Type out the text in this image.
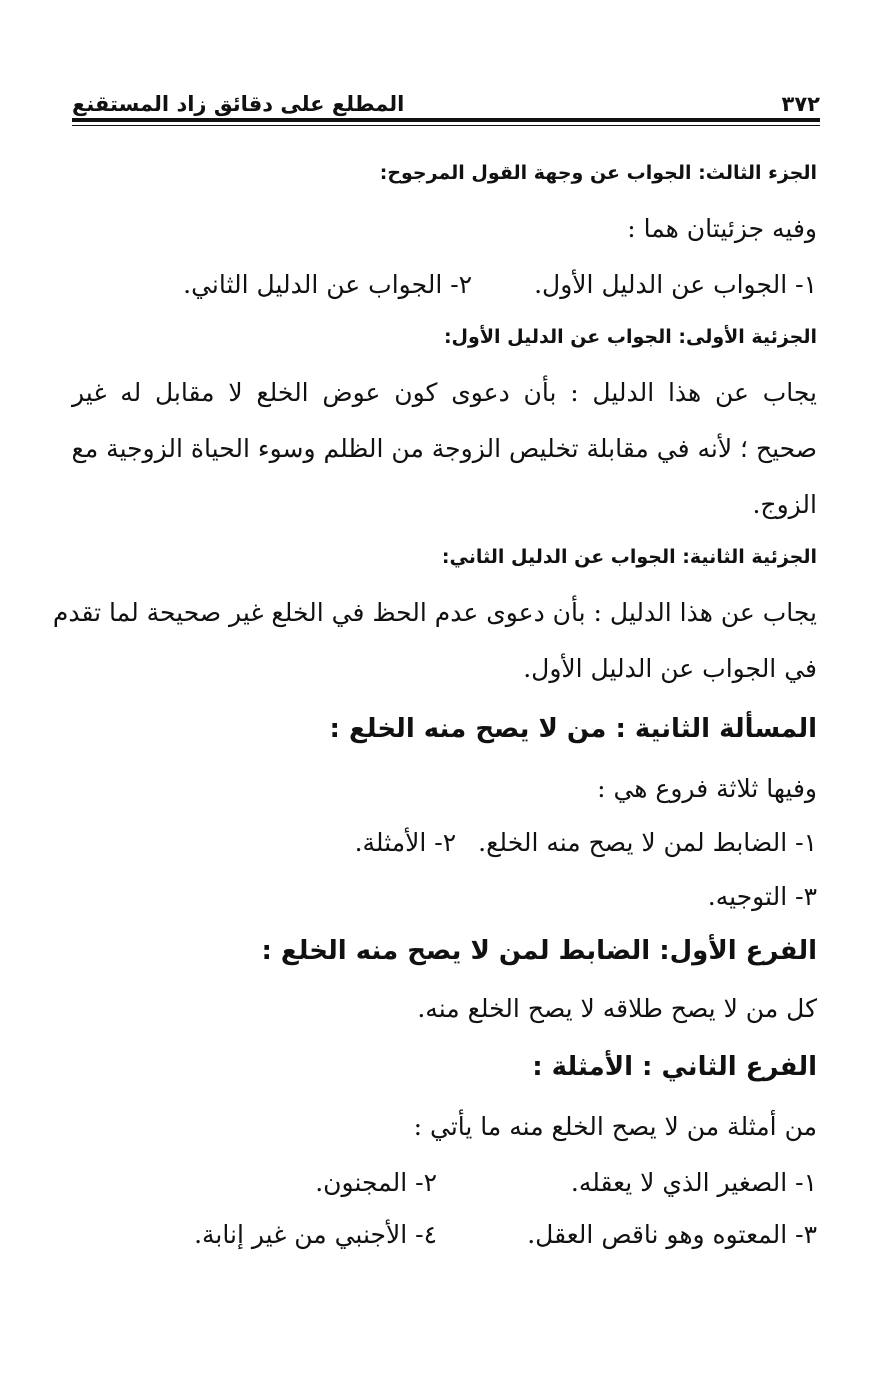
٣٧٢
المطلع على دقائق زاد المستقنع
الجزء الثالث: الجواب عن وجهة القول المرجوح:
وفيه جزئيتان هما :
١- الجواب عن الدليل الأول.
٢- الجواب عن الدليل الثاني.
الجزئية الأولى: الجواب عن الدليل الأول:
يجاب عن هذا الدليل : بأن دعوى كون عوض الخلع لا مقابل له غير
صحيح ؛ لأنه في مقابلة تخليص الزوجة من الظلم وسوء الحياة الزوجية مع
الزوج.
الجزئية الثانية: الجواب عن الدليل الثاني:
يجاب عن هذا الدليل : بأن دعوى عدم الحظ في الخلع غير صحيحة لما تقدم
في الجواب عن الدليل الأول.
المسألة الثانية : من لا يصح منه الخلع :
وفيها ثلاثة فروع هي :
١- الضابط لمن لا يصح منه الخلع.
٢- الأمثلة.
٣- التوجيه.
الفرع الأول: الضابط لمن لا يصح منه الخلع :
كل من لا يصح طلاقه لا يصح الخلع منه.
الفرع الثاني : الأمثلة :
من أمثلة من لا يصح الخلع منه ما يأتي :
١- الصغير الذي لا يعقله.
٢- المجنون.
٣- المعتوه وهو ناقص العقل.
٤- الأجنبي من غير إنابة.
